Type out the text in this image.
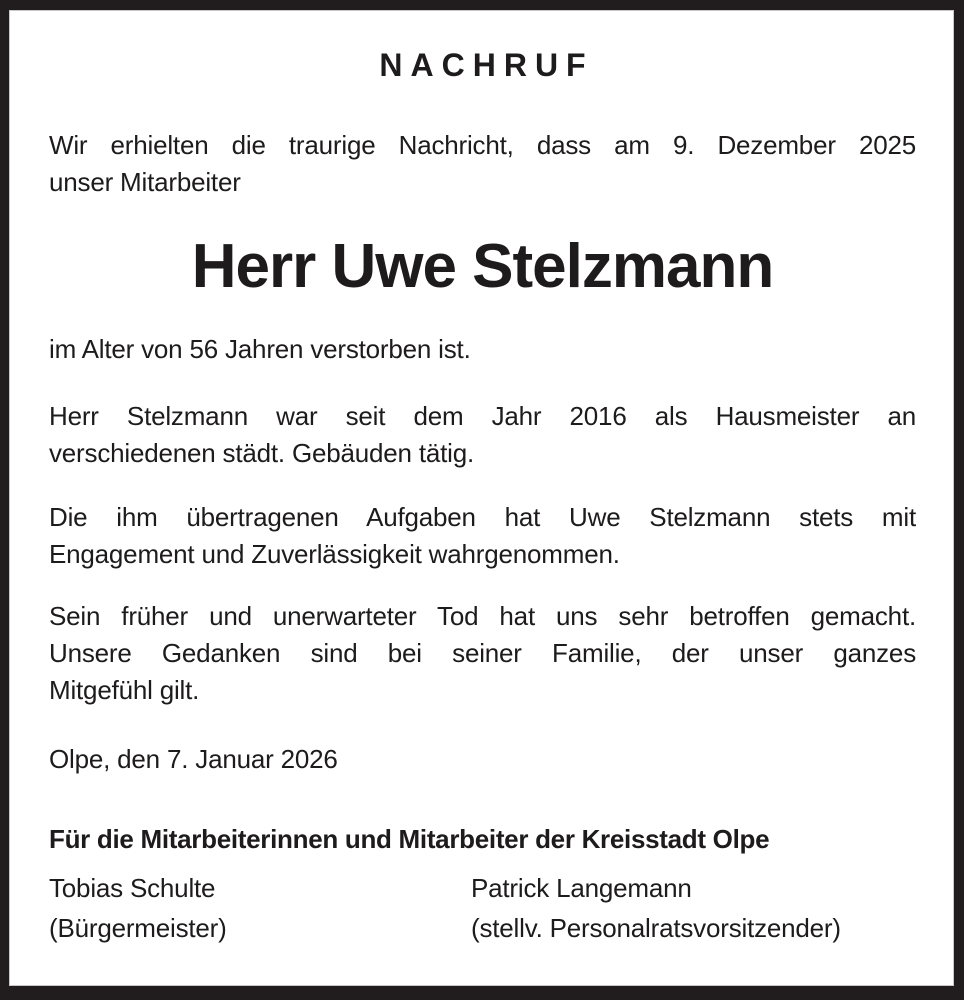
NACHRUF

Wir erhielten die traurige Nachricht, dass am 9. Dezember 2025
unser Mitarbeiter

Herr Uwe Stelzmann

im Alter von 56 Jahren verstorben ist.

Herr Stelzmann war seit dem Jahr 2016 als Hausmeister an
verschiedenen städt. Gebäuden tätig.

Die ihm übertragenen Aufgaben hat Uwe Stelzmann stets mit
Engagement und Zuverlässigkeit wahrgenommen.

Sein früher und unerwarteter Tod hat uns sehr betroffen gemacht.
Unsere Gedanken sind bei seiner Familie, der unser ganzes
Mitgefühl gilt.

Olpe, den 7. Januar 2026

Für die Mitarbeiterinnen und Mitarbeiter der Kreisstadt Olpe

Tobias Schulte
(Bürgermeister)
Patrick Langemann
(stellv. Personalratsvorsitzender)
